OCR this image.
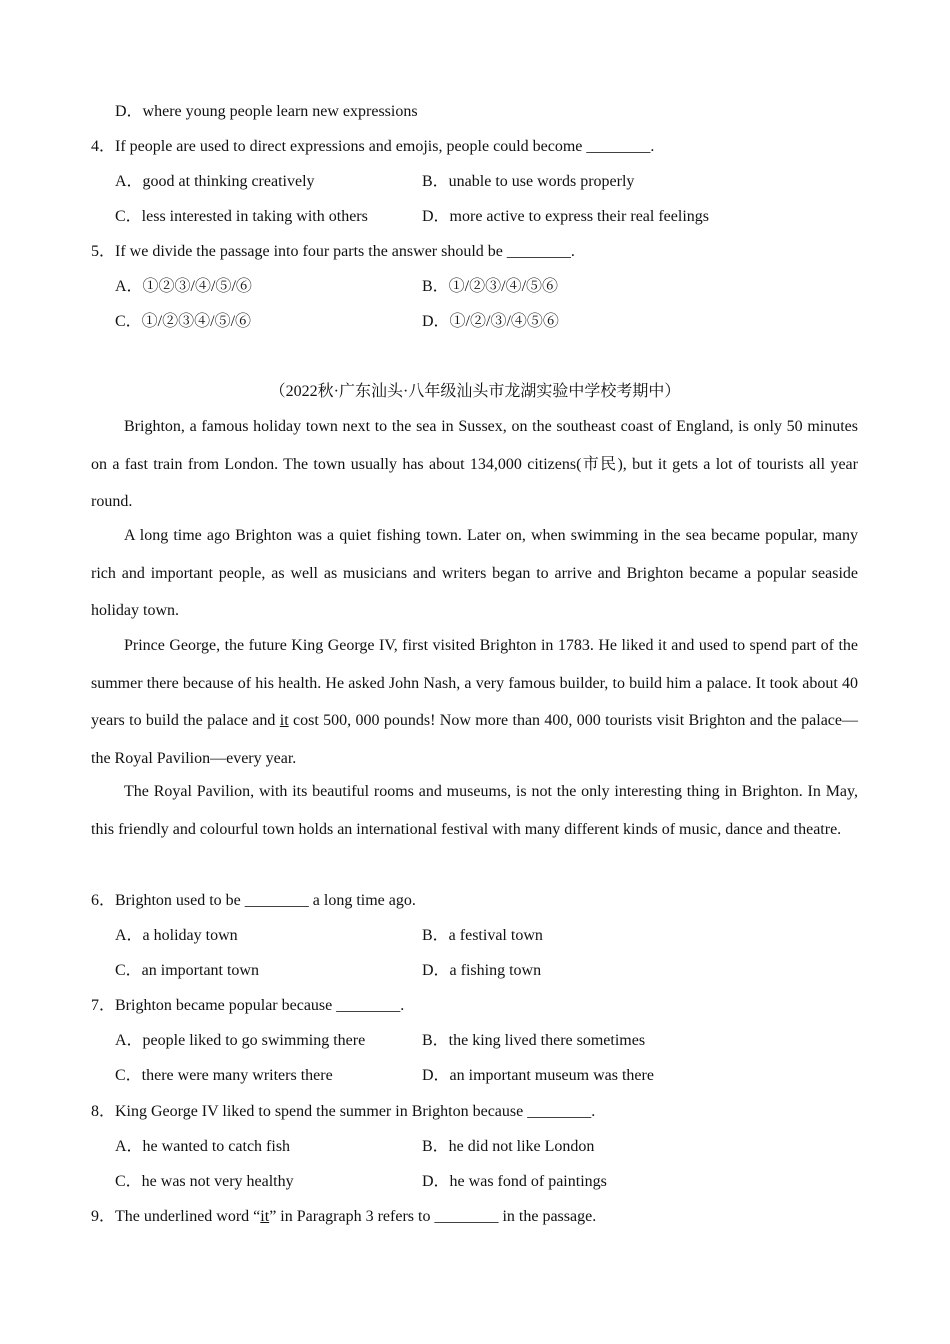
D．where young people learn new expressions
4．If people are used to direct expressions and emojis, people could become ________.
A．good at thinking creatively	B．unable to use words properly
C．less interested in taking with others	D．more active to express their real feelings
5．If we divide the passage into four parts the answer should be ________.
A．①②③/④/⑤/⑥	B．①/②③/④/⑤⑥
C．①/②③④/⑤/⑥	D．①/②/③/④⑤⑥
（2022秋·广东汕头·八年级汕头市龙湖实验中学校考期中）
Brighton, a famous holiday town next to the sea in Sussex, on the southeast coast of England, is only 50 minutes on a fast train from London. The town usually has about 134,000 citizens(市民), but it gets a lot of tourists all year round.
A long time ago Brighton was a quiet fishing town. Later on, when swimming in the sea became popular, many rich and important people, as well as musicians and writers began to arrive and Brighton became a popular seaside holiday town.
Prince George, the future King George IV, first visited Brighton in 1783. He liked it and used to spend part of the summer there because of his health. He asked John Nash, a very famous builder, to build him a palace. It took about 40 years to build the palace and it cost 500, 000 pounds! Now more than 400, 000 tourists visit Brighton and the palace—the Royal Pavilion—every year.
The Royal Pavilion, with its beautiful rooms and museums, is not the only interesting thing in Brighton. In May, this friendly and colourful town holds an international festival with many different kinds of music, dance and theatre.
6．Brighton used to be ________ a long time ago.
A．a holiday town	B．a festival town
C．an important town	D．a fishing town
7．Brighton became popular because ________.
A．people liked to go swimming there	B．the king lived there sometimes
C．there were many writers there	D．an important museum was there
8．King George IV liked to spend the summer in Brighton because ________.
A．he wanted to catch fish	B．he did not like London
C．he was not very healthy	D．he was fond of paintings
9．The underlined word “it” in Paragraph 3 refers to ________ in the passage.
